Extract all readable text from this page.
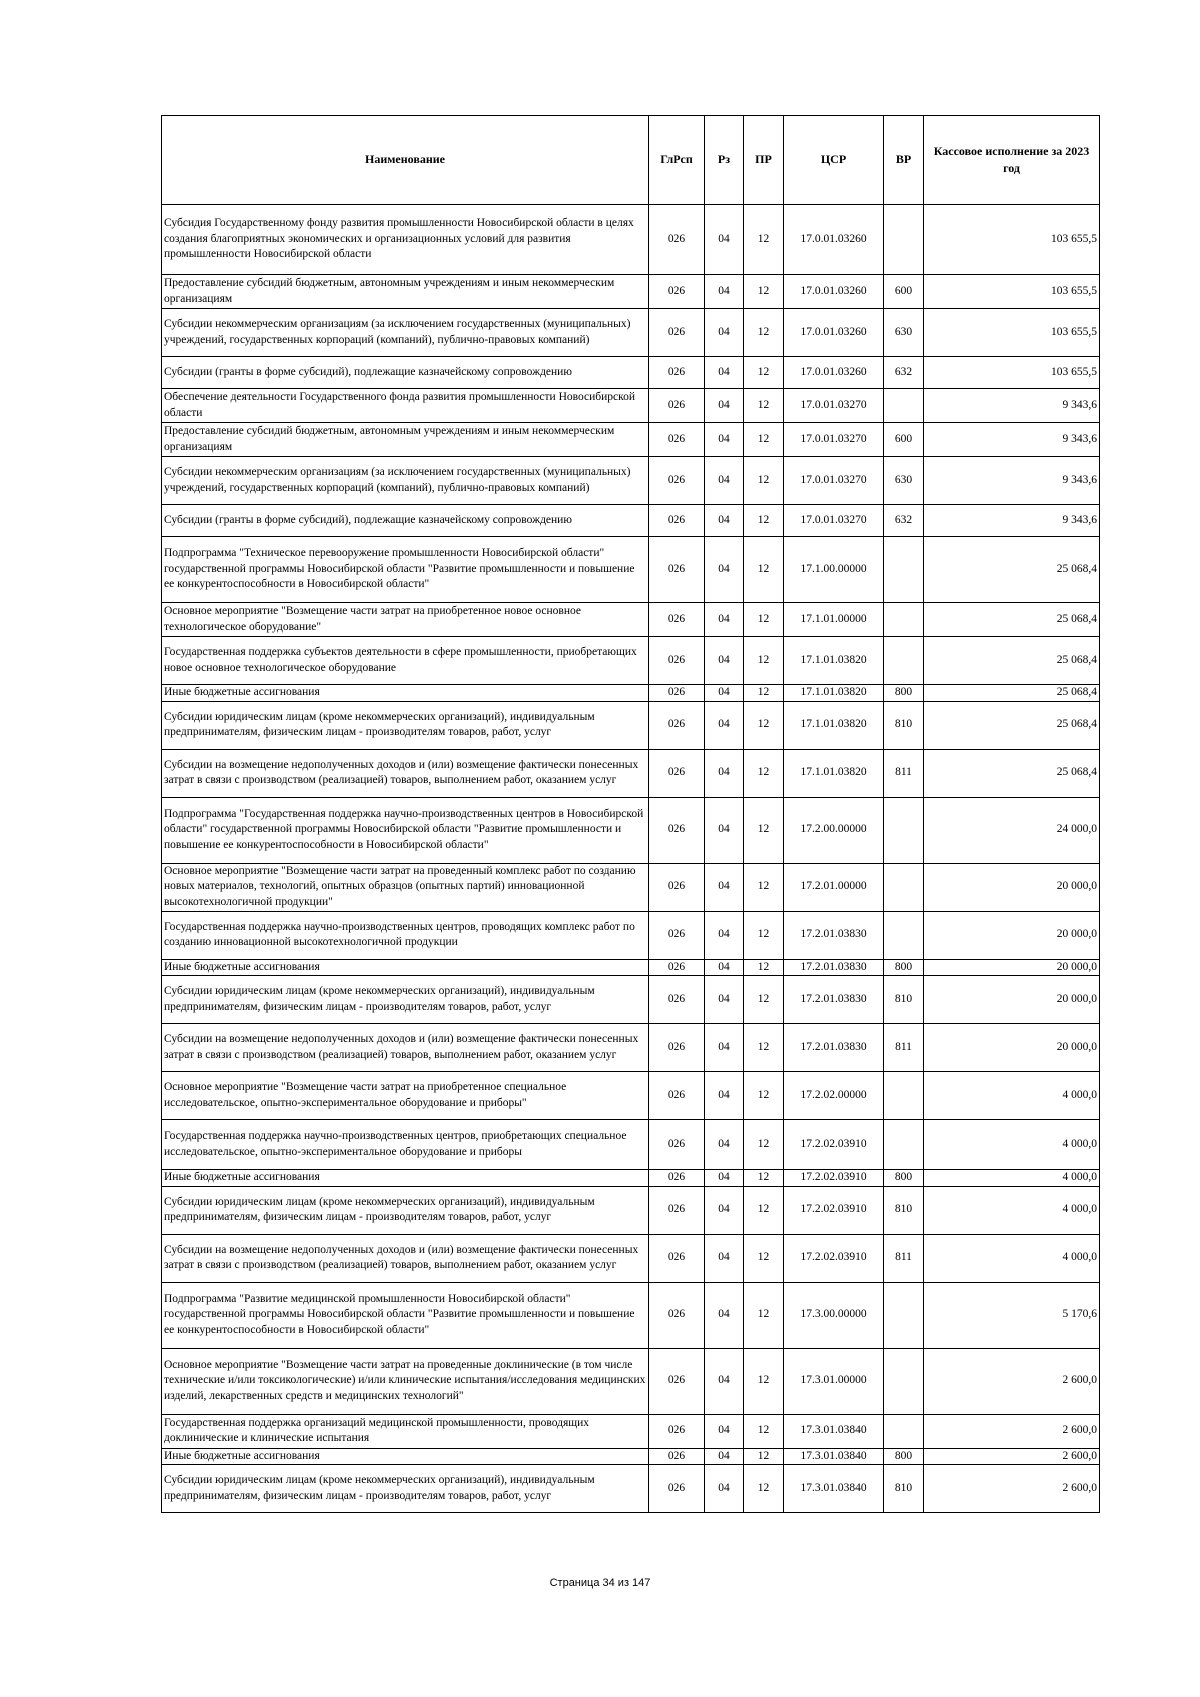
Наименование	ГлРсп	Рз	ПР	ЦСР	ВР	Кассовое исполнение за 2023 год
Субсидия Государственному фонду развития промышленности Новосибирской области в целях создания благоприятных экономических и организационных условий для развития промышленности Новосибирской области	026	04	12	17.0.01.03260		103 655,5
Предоставление субсидий бюджетным, автономным учреждениям и иным некоммерческим организациям	026	04	12	17.0.01.03260	600	103 655,5
Субсидии некоммерческим организациям (за исключением государственных (муниципальных) учреждений, государственных корпораций (компаний), публично-правовых компаний)	026	04	12	17.0.01.03260	630	103 655,5
Субсидии (гранты в форме субсидий), подлежащие казначейскому сопровождению	026	04	12	17.0.01.03260	632	103 655,5
Обеспечение деятельности Государственного фонда развития промышленности Новосибирской области	026	04	12	17.0.01.03270		9 343,6
Предоставление субсидий бюджетным, автономным учреждениям и иным некоммерческим организациям	026	04	12	17.0.01.03270	600	9 343,6
Субсидии некоммерческим организациям (за исключением государственных (муниципальных) учреждений, государственных корпораций (компаний), публично-правовых компаний)	026	04	12	17.0.01.03270	630	9 343,6
Субсидии (гранты в форме субсидий), подлежащие казначейскому сопровождению	026	04	12	17.0.01.03270	632	9 343,6
Подпрограмма "Техническое перевооружение промышленности Новосибирской области" государственной программы Новосибирской области "Развитие промышленности и повышение ее конкурентоспособности в Новосибирской области"	026	04	12	17.1.00.00000		25 068,4
Основное мероприятие "Возмещение части затрат на приобретенное новое основное технологическое оборудование"	026	04	12	17.1.01.00000		25 068,4
Государственная поддержка субъектов деятельности в сфере промышленности, приобретающих новое основное технологическое оборудование	026	04	12	17.1.01.03820		25 068,4
Иные бюджетные ассигнования	026	04	12	17.1.01.03820	800	25 068,4
Субсидии юридическим лицам (кроме некоммерческих организаций), индивидуальным предпринимателям, физическим лицам - производителям товаров, работ, услуг	026	04	12	17.1.01.03820	810	25 068,4
Субсидии на возмещение недополученных доходов и (или) возмещение фактически понесенных затрат в связи с производством (реализацией) товаров, выполнением работ, оказанием услуг	026	04	12	17.1.01.03820	811	25 068,4
Подпрограмма "Государственная поддержка научно-производственных центров в Новосибирской области" государственной программы Новосибирской области "Развитие промышленности и повышение ее конкурентоспособности в Новосибирской области"	026	04	12	17.2.00.00000		24 000,0
Основное мероприятие "Возмещение части затрат на проведенный комплекс работ по созданию новых материалов, технологий, опытных образцов (опытных партий) инновационной высокотехнологичной продукции"	026	04	12	17.2.01.00000		20 000,0
Государственная поддержка научно-производственных центров, проводящих комплекс работ по созданию инновационной высокотехнологичной продукции	026	04	12	17.2.01.03830		20 000,0
Иные бюджетные ассигнования	026	04	12	17.2.01.03830	800	20 000,0
Субсидии юридическим лицам (кроме некоммерческих организаций), индивидуальным предпринимателям, физическим лицам - производителям товаров, работ, услуг	026	04	12	17.2.01.03830	810	20 000,0
Субсидии на возмещение недополученных доходов и (или) возмещение фактически понесенных затрат в связи с производством (реализацией) товаров, выполнением работ, оказанием услуг	026	04	12	17.2.01.03830	811	20 000,0
Основное мероприятие "Возмещение части затрат на приобретенное специальное исследовательское, опытно-экспериментальное оборудование и приборы"	026	04	12	17.2.02.00000		4 000,0
Государственная поддержка научно-производственных центров, приобретающих специальное исследовательское, опытно-экспериментальное оборудование и приборы	026	04	12	17.2.02.03910		4 000,0
Иные бюджетные ассигнования	026	04	12	17.2.02.03910	800	4 000,0
Субсидии юридическим лицам (кроме некоммерческих организаций), индивидуальным предпринимателям, физическим лицам - производителям товаров, работ, услуг	026	04	12	17.2.02.03910	810	4 000,0
Субсидии на возмещение недополученных доходов и (или) возмещение фактически понесенных затрат в связи с производством (реализацией) товаров, выполнением работ, оказанием услуг	026	04	12	17.2.02.03910	811	4 000,0
Подпрограмма "Развитие медицинской промышленности Новосибирской области" государственной программы Новосибирской области "Развитие промышленности и повышение ее конкурентоспособности в Новосибирской области"	026	04	12	17.3.00.00000		5 170,6
Основное мероприятие "Возмещение части затрат на проведенные доклинические (в том числе технические и/или токсикологические) и/или клинические испытания/исследования медицинских изделий, лекарственных средств и медицинских технологий"	026	04	12	17.3.01.00000		2 600,0
Государственная поддержка организаций медицинской промышленности, проводящих доклинические и клинические испытания	026	04	12	17.3.01.03840		2 600,0
Иные бюджетные ассигнования	026	04	12	17.3.01.03840	800	2 600,0
Субсидии юридическим лицам (кроме некоммерческих организаций), индивидуальным предпринимателям, физическим лицам - производителям товаров, работ, услуг	026	04	12	17.3.01.03840	810	2 600,0
Страница 34 из 147
